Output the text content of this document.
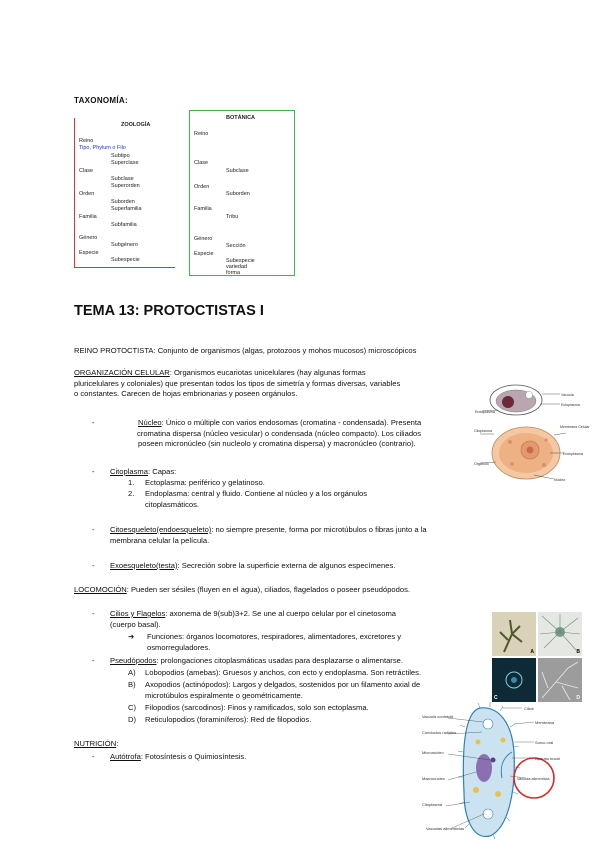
TAXONOMÍA:
ZOOLOGÍA
Reino
Tipo, Phylum o Filo
Subtipo
Superclase
Clase
Subclase
Superorden
Orden
Suborden
Superfamilia
Familia
Subfamilia
Género
Subgénero
Especie
Subespecie
BOTÁNICA
Reino
Clase
Subclase
Orden
Suborden
Familia
Tribu
Género
Sección
Especie
Subespecie
variedad
forma
TEMA 13: PROTOCTISTAS I
REINO PROTOCTISTA: Conjunto de organismos (algas, protozoos y mohos mucosos) microscópicos
ORGANIZACIÓN CELULAR: Organismos eucariotas unicelulares (hay algunas formas
pluricelulares y coloniales) que presentan todos los tipos de simetría y formas diversas, variables
o constantes. Carecen de hojas embrionarias y poseen orgánulos.
-	Núcleo: Único o múltiple con varios endosomas (cromatina - condensada). Presenta
cromatina dispersa (núcleo vesicular) o condensada (núcleo compacto). Los ciliados
poseen micronúcleo (sin nucleolo y cromatina dispersa) y macronúcleo (contrario).
- Citoplasma: Capas:
1. Ectoplasma: periférico y gelatinoso.
2. Endoplasma: central y fluido. Contiene al núcleo y a los orgánulos
citoplasmáticos.
- Citoesqueleto(endoesqueleto): no siempre presente, forma por microtúbulos o fibras junto a la
membrana celular la película.
- Exoesqueleto(testa): Secreción sobre la superficie externa de algunos especímenes.
LOCOMOCIÓN: Pueden ser sésiles (fluyen en el agua), ciliados, flagelados o poseer pseudópodos.
- Cilios y Flagelos: axonema de 9(sub)3+2. Se une al cuerpo celular por el cinetosoma
(cuerpo basal).
➔ Funciones: órganos locomotores, respiradores, alimentadores, excretores y
osmorreguladores.
- Pseudópodos: prolongaciones citoplasmáticas usadas para desplazarse o alimentarse.
A) Lobopodios (amebas): Gruesos y anchos, con ecto y endoplasma. Son retráctiles.
B) Axopodios (actinópodos): Largos y delgados, sostenidos por un filamento axial de
microtúbulos espiralmente o geométricamente.
C) Filopodios (sarcodinos): Finos y ramificados, solo son ectoplasma.
D) Reticulopodios (foraminíferos): Red de filopodios.
NUTRICIÓN:
- Autótrofa: Fotosíntesis o Quimiosíntesis.
Vacuola
Ectoplasma
Endoplasma
Citoplasma
Membrana Celular
Endoplasma
Orgánulo
Núcleo
A	B
C	D
Vacuola contráctil
Conductos radiales
Micronúcleo
Macronúcleo
Citoplasma
Vacuolas alimenticias
Cilios
Membrana
Surco oral
Aparato bucal
Vacuola alimenticia
